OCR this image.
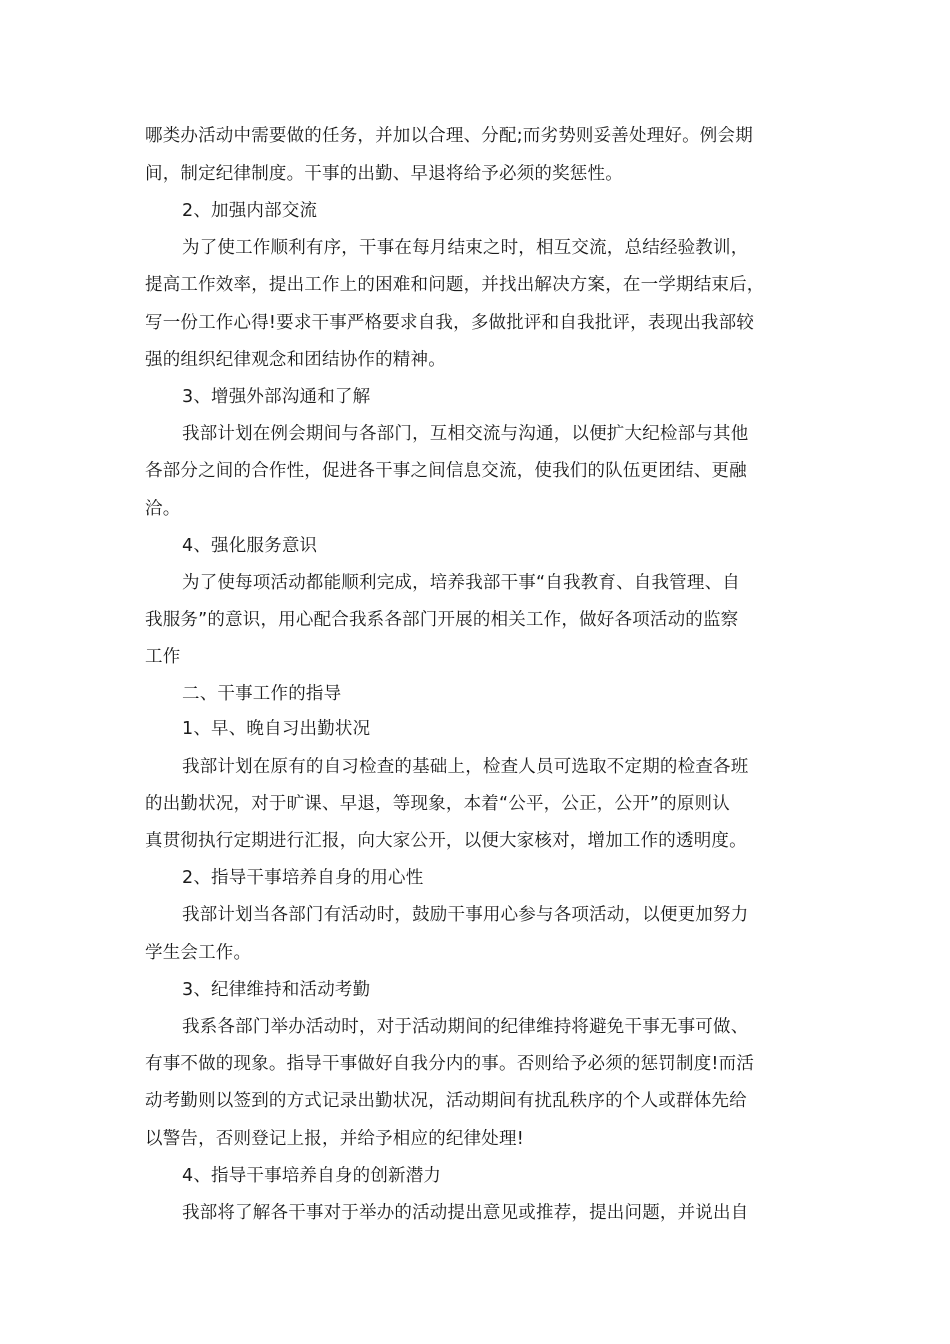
哪类办活动中需要做的任务，并加以合理、分配;而劣势则妥善处理好。例会期
间，制定纪律制度。干事的出勤、早退将给予必须的奖惩性。
2、加强内部交流
为了使工作顺利有序，干事在每月结束之时，相互交流，总结经验教训，
提高工作效率，提出工作上的困难和问题，并找出解决方案，在一学期结束后，
写一份工作心得!要求干事严格要求自我，多做批评和自我批评，表现出我部较
强的组织纪律观念和团结协作的精神。
3、增强外部沟通和了解
我部计划在例会期间与各部门，互相交流与沟通，以便扩大纪检部与其他
各部分之间的合作性，促进各干事之间信息交流，使我们的队伍更团结、更融
洽。
4、强化服务意识
为了使每项活动都能顺利完成，培养我部干事“自我教育、自我管理、自
我服务”的意识，用心配合我系各部门开展的相关工作，做好各项活动的监察
工作
二、干事工作的指导
1、早、晚自习出勤状况
我部计划在原有的自习检查的基础上，检查人员可选取不定期的检查各班
的出勤状况，对于旷课、早退，等现象，本着“公平，公正，公开”的原则认
真贯彻执行定期进行汇报，向大家公开，以便大家核对，增加工作的透明度。
2、指导干事培养自身的用心性
我部计划当各部门有活动时，鼓励干事用心参与各项活动，以便更加努力
学生会工作。
3、纪律维持和活动考勤
我系各部门举办活动时，对于活动期间的纪律维持将避免干事无事可做、
有事不做的现象。指导干事做好自我分内的事。否则给予必须的惩罚制度!而活
动考勤则以签到的方式记录出勤状况，活动期间有扰乱秩序的个人或群体先给
以警告，否则登记上报，并给予相应的纪律处理!
4、指导干事培养自身的创新潜力
我部将了解各干事对于举办的活动提出意见或推荐，提出问题，并说出自
